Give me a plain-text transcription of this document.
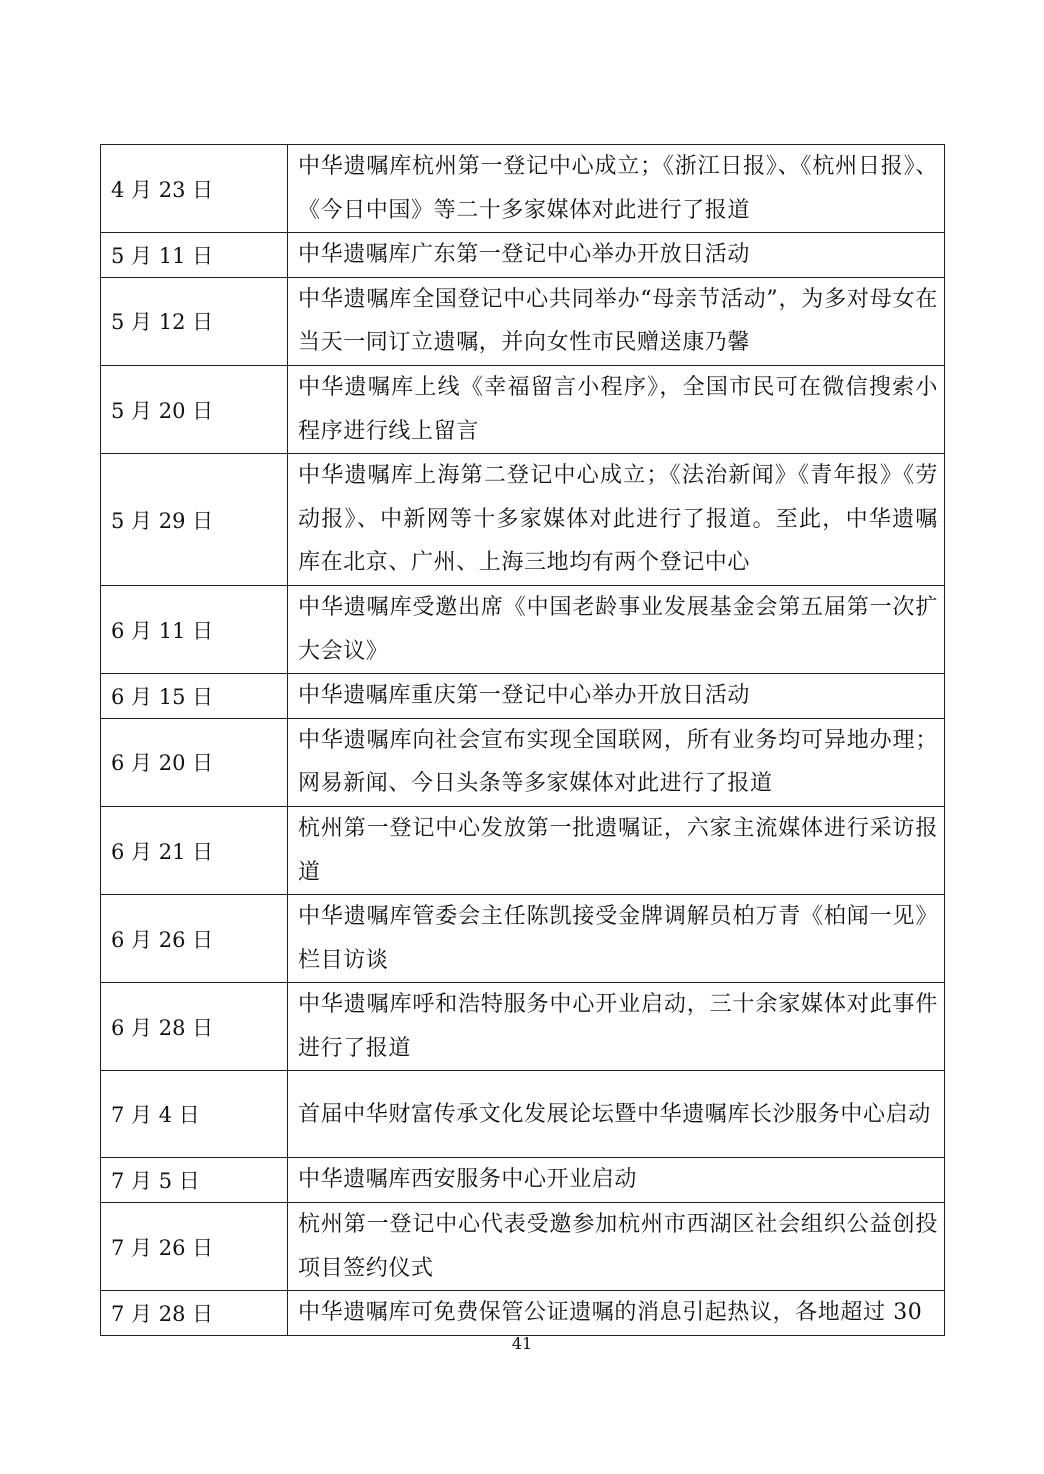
4 月 23 日	中华遗嘱库杭州第一登记中心成立；《浙江日报》、《杭州日报》、《今日中国》等二十多家媒体对此进行了报道
5 月 11 日	中华遗嘱库广东第一登记中心举办开放日活动
5 月 12 日	中华遗嘱库全国登记中心共同举办“母亲节活动”，为多对母女在当天一同订立遗嘱，并向女性市民赠送康乃馨
5 月 20 日	中华遗嘱库上线《幸福留言小程序》，全国市民可在微信搜索小程序进行线上留言
5 月 29 日	中华遗嘱库上海第二登记中心成立；《法治新闻》《青年报》《劳动报》、中新网等十多家媒体对此进行了报道。至此，中华遗嘱库在北京、广州、上海三地均有两个登记中心
6 月 11 日	中华遗嘱库受邀出席《中国老龄事业发展基金会第五届第一次扩大会议》
6 月 15 日	中华遗嘱库重庆第一登记中心举办开放日活动
6 月 20 日	中华遗嘱库向社会宣布实现全国联网，所有业务均可异地办理；网易新闻、今日头条等多家媒体对此进行了报道
6 月 21 日	杭州第一登记中心发放第一批遗嘱证，六家主流媒体进行采访报道
6 月 26 日	中华遗嘱库管委会主任陈凯接受金牌调解员柏万青《柏闻一见》栏目访谈
6 月 28 日	中华遗嘱库呼和浩特服务中心开业启动，三十余家媒体对此事件进行了报道
7 月 4 日	首届中华财富传承文化发展论坛暨中华遗嘱库长沙服务中心启动
7 月 5 日	中华遗嘱库西安服务中心开业启动
7 月 26 日	杭州第一登记中心代表受邀参加杭州市西湖区社会组织公益创投项目签约仪式
7 月 28 日	中华遗嘱库可免费保管公证遗嘱的消息引起热议，各地超过 30
41
